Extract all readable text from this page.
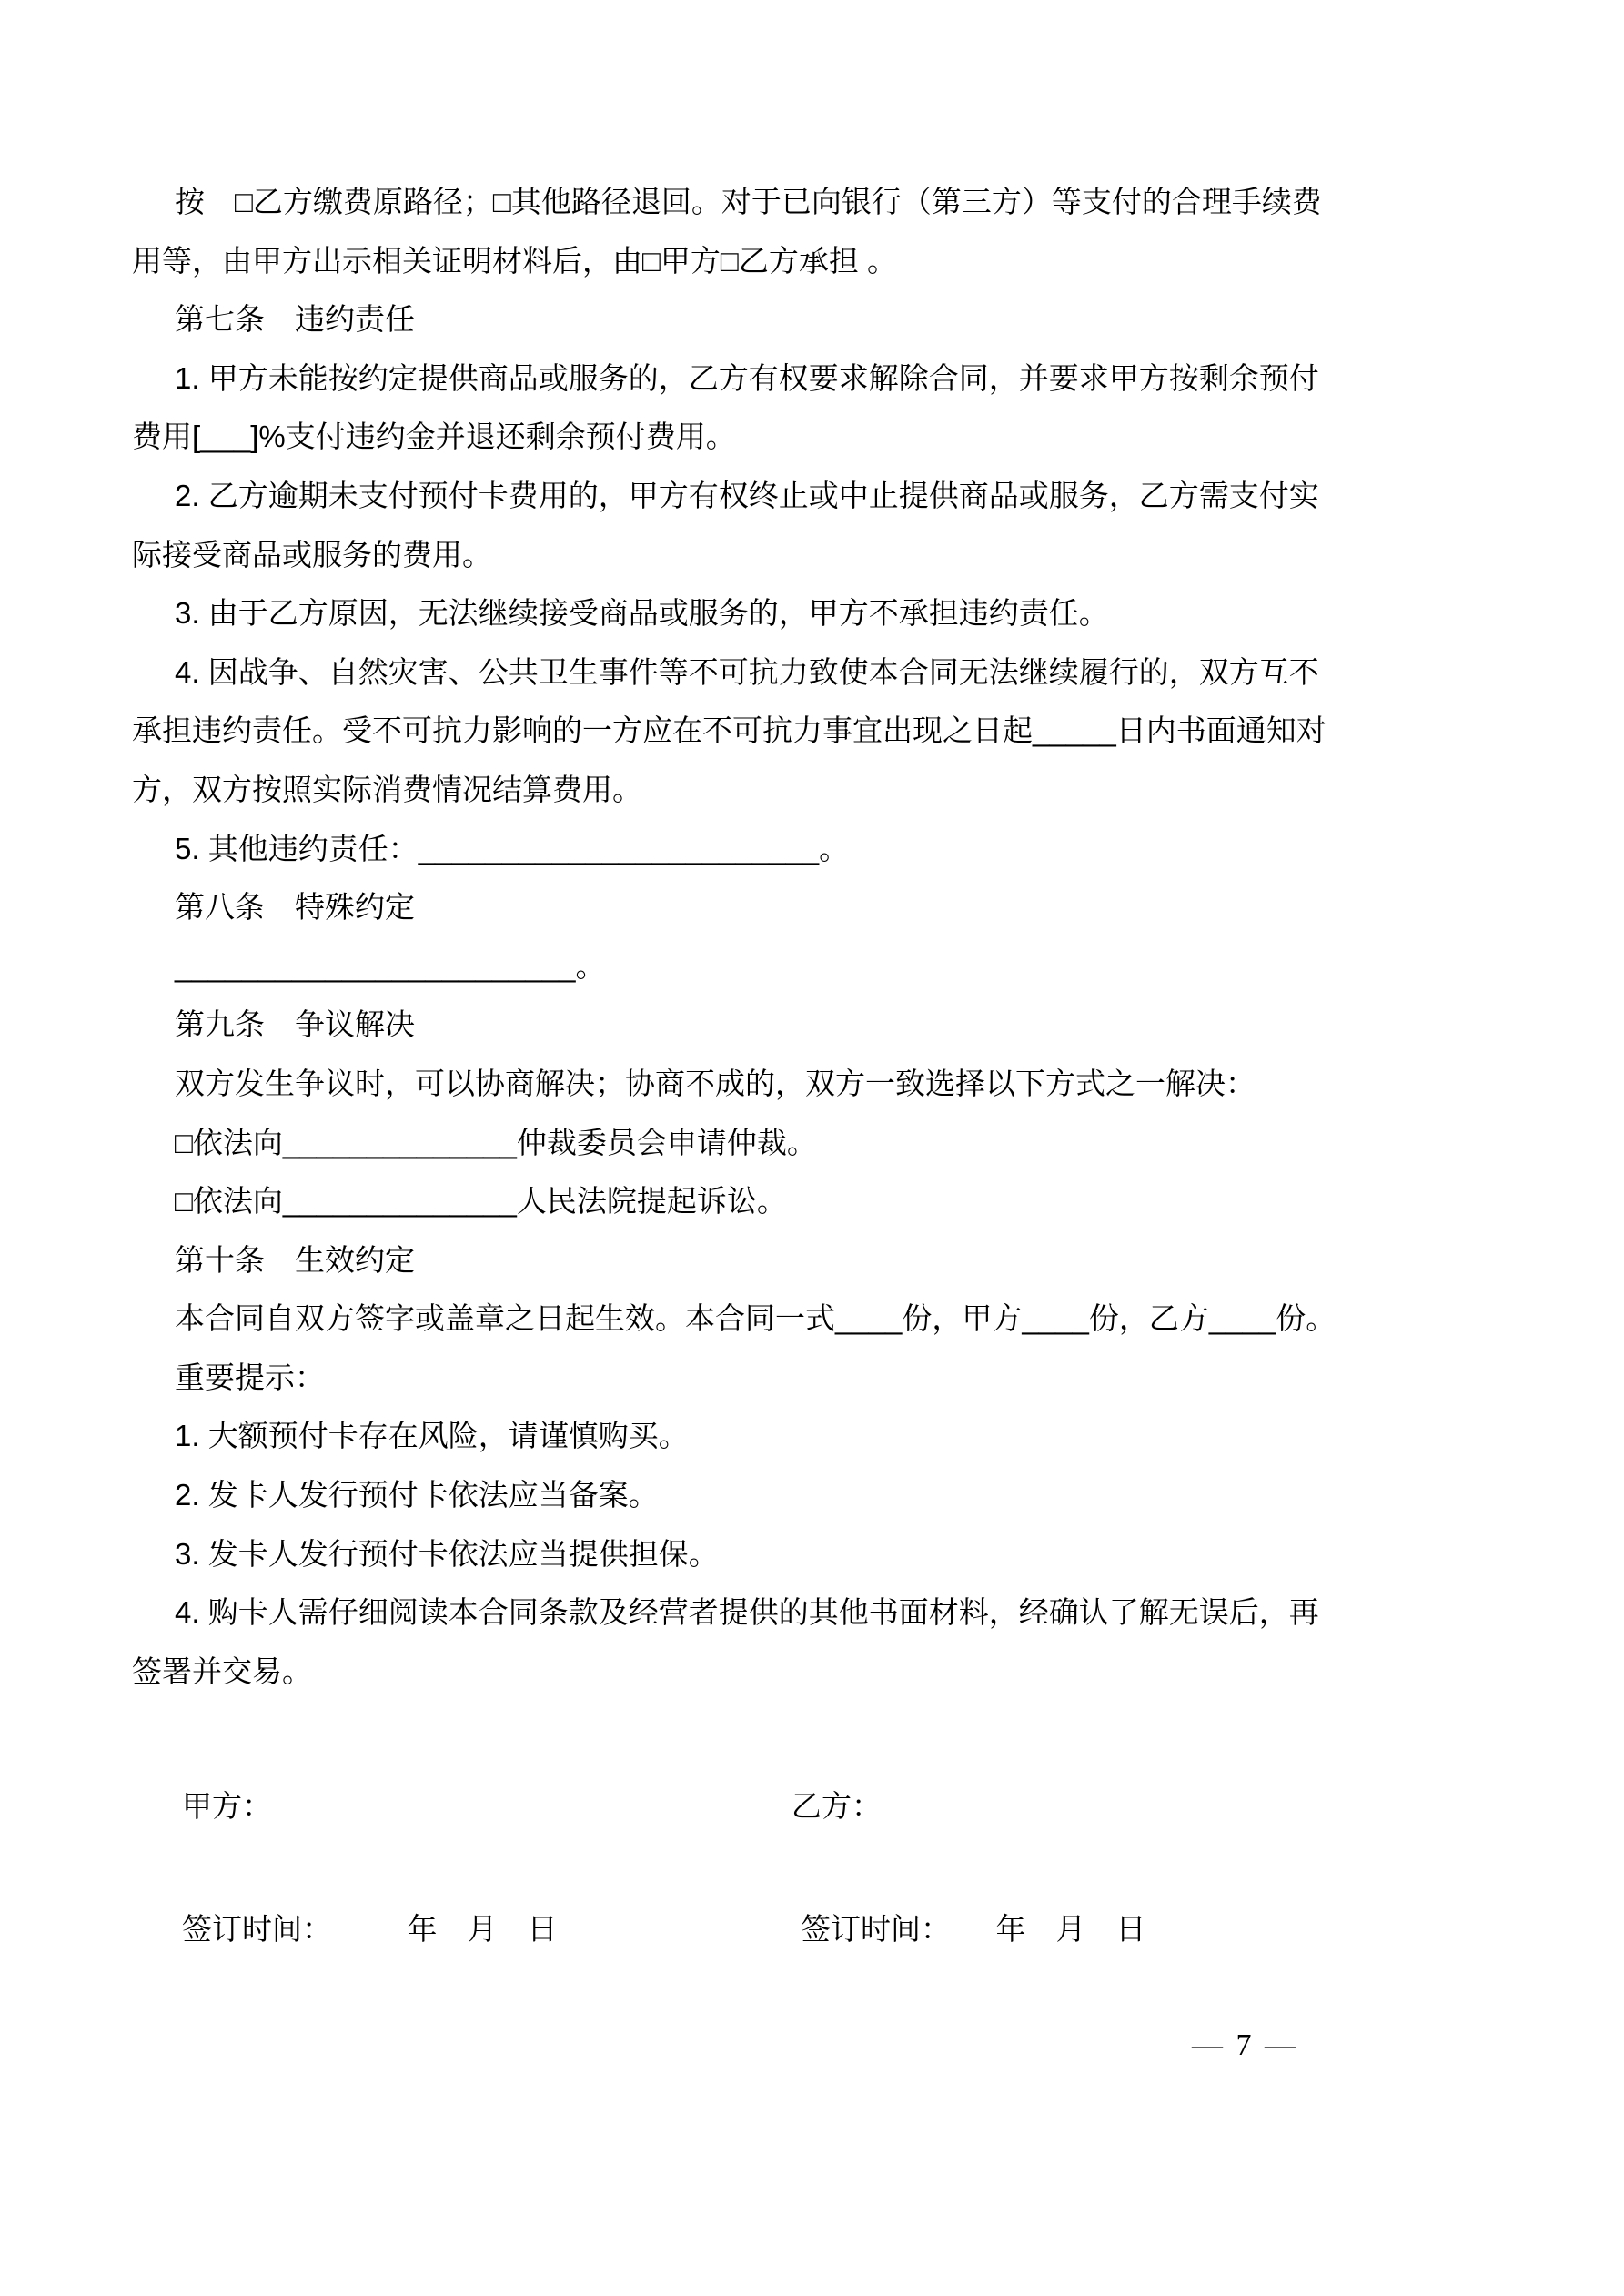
按　□乙方缴费原路径；□其他路径退回。对于已向银行（第三方）等支付的合理手续费
用等，由甲方出示相关证明材料后，由□甲方□乙方承担 。
第七条　违约责任
1. 甲方未能按约定提供商品或服务的，乙方有权要求解除合同，并要求甲方按剩余预付
费用[___]%支付违约金并退还剩余预付费用。
2. 乙方逾期未支付预付卡费用的，甲方有权终止或中止提供商品或服务，乙方需支付实
际接受商品或服务的费用。
3. 由于乙方原因，无法继续接受商品或服务的，甲方不承担违约责任。
4. 因战争、自然灾害、公共卫生事件等不可抗力致使本合同无法继续履行的，双方互不
承担违约责任。受不可抗力影响的一方应在不可抗力事宜出现之日起_____日内书面通知对
方，双方按照实际消费情况结算费用。
5. 其他违约责任：________________________。
第八条　特殊约定
________________________。
第九条　争议解决
双方发生争议时，可以协商解决；协商不成的，双方一致选择以下方式之一解决：
□依法向______________仲裁委员会申请仲裁。
□依法向______________人民法院提起诉讼。
第十条　生效约定
本合同自双方签字或盖章之日起生效。本合同一式____份，甲方____份，乙方____份。
重要提示：
1. 大额预付卡存在风险，请谨慎购买。
2. 发卡人发行预付卡依法应当备案。
3. 发卡人发行预付卡依法应当提供担保。
4. 购卡人需仔细阅读本合同条款及经营者提供的其他书面材料，经确认了解无误后，再
签署并交易。
甲方：	乙方：
签订时间：　　　年　月　日	签订时间：　　年　月　日
— 7 —
